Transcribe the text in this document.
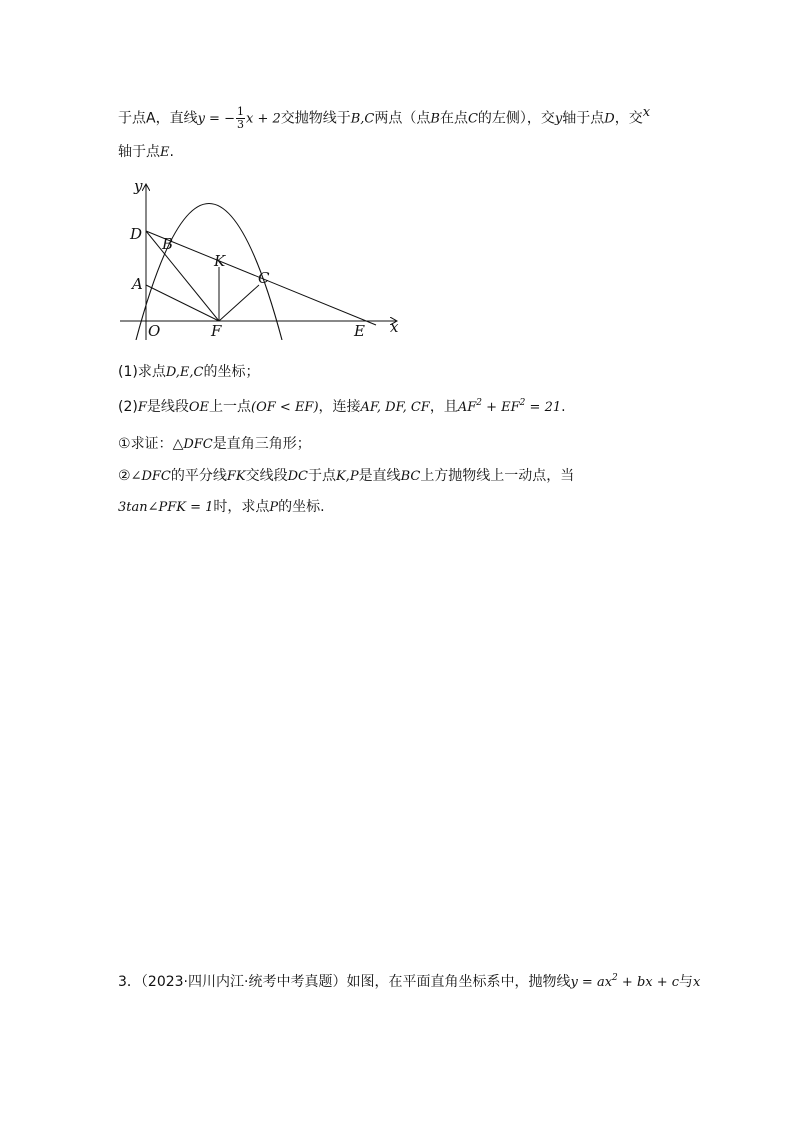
于点A，直线y = − $\frac{1}{3}$ x + 2交抛物线于B,C两点（点B在点C的左侧），交y轴于点D，交x
轴于点E.
y
x
D
B
K
C
A
O	F	E
(1)求点D,E,C的坐标；
(2)F是线段OE上一点(OF < EF)，连接AF, DF, CF，且$AF^2 + EF^2 = 21$.
①求证：△DFC是直角三角形；
②∠DFC的平分线FK交线段DC于点K,P是直线BC上方抛物线上一动点，当
3tan∠PFK = 1时，求点P的坐标.
3．（2023·四川内江·统考中考真题）如图，在平面直角坐标系中，抛物线$y = ax^2$ + bx + c与x
